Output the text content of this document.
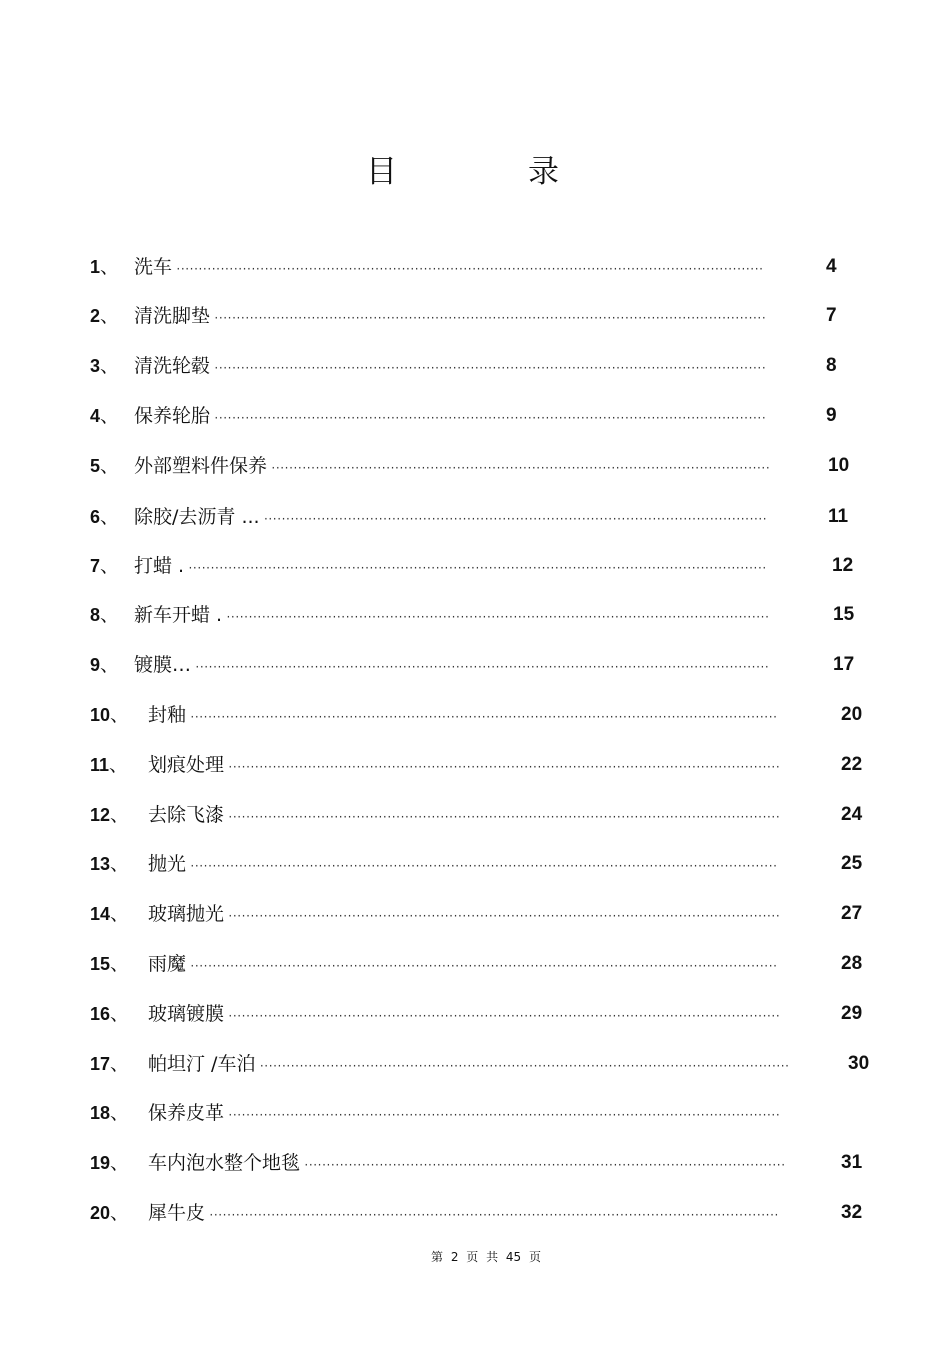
目　录
1、 洗车 ·····	4
2、 清洗脚垫 ·····	7
3、 清洗轮毂 ·····	8
4、 保养轮胎 ·····	9
5、 外部塑料件保养 ·····	10
6、 除胶/去沥青 ... ·····	11
7、 打蜡 . ·····	12
8、 新车开蜡 . ·····	15
9、 镀膜… ·····	17
10、 封釉 ·····	20
11、 划痕处理 ·····	22
12、 去除飞漆 ·····	24
13、 抛光 ·····	25
14、 玻璃抛光 ·····	27
15、 雨魔 ·····	28
16、 玻璃镀膜 ·····	29
17、 帕坦汀 /车泊 ·····	30
18、 保养皮革 ·····
19、 车内泡水整个地毯 ·····	31
20、 犀牛皮 ·····	32
第 2 页 共 45 页
